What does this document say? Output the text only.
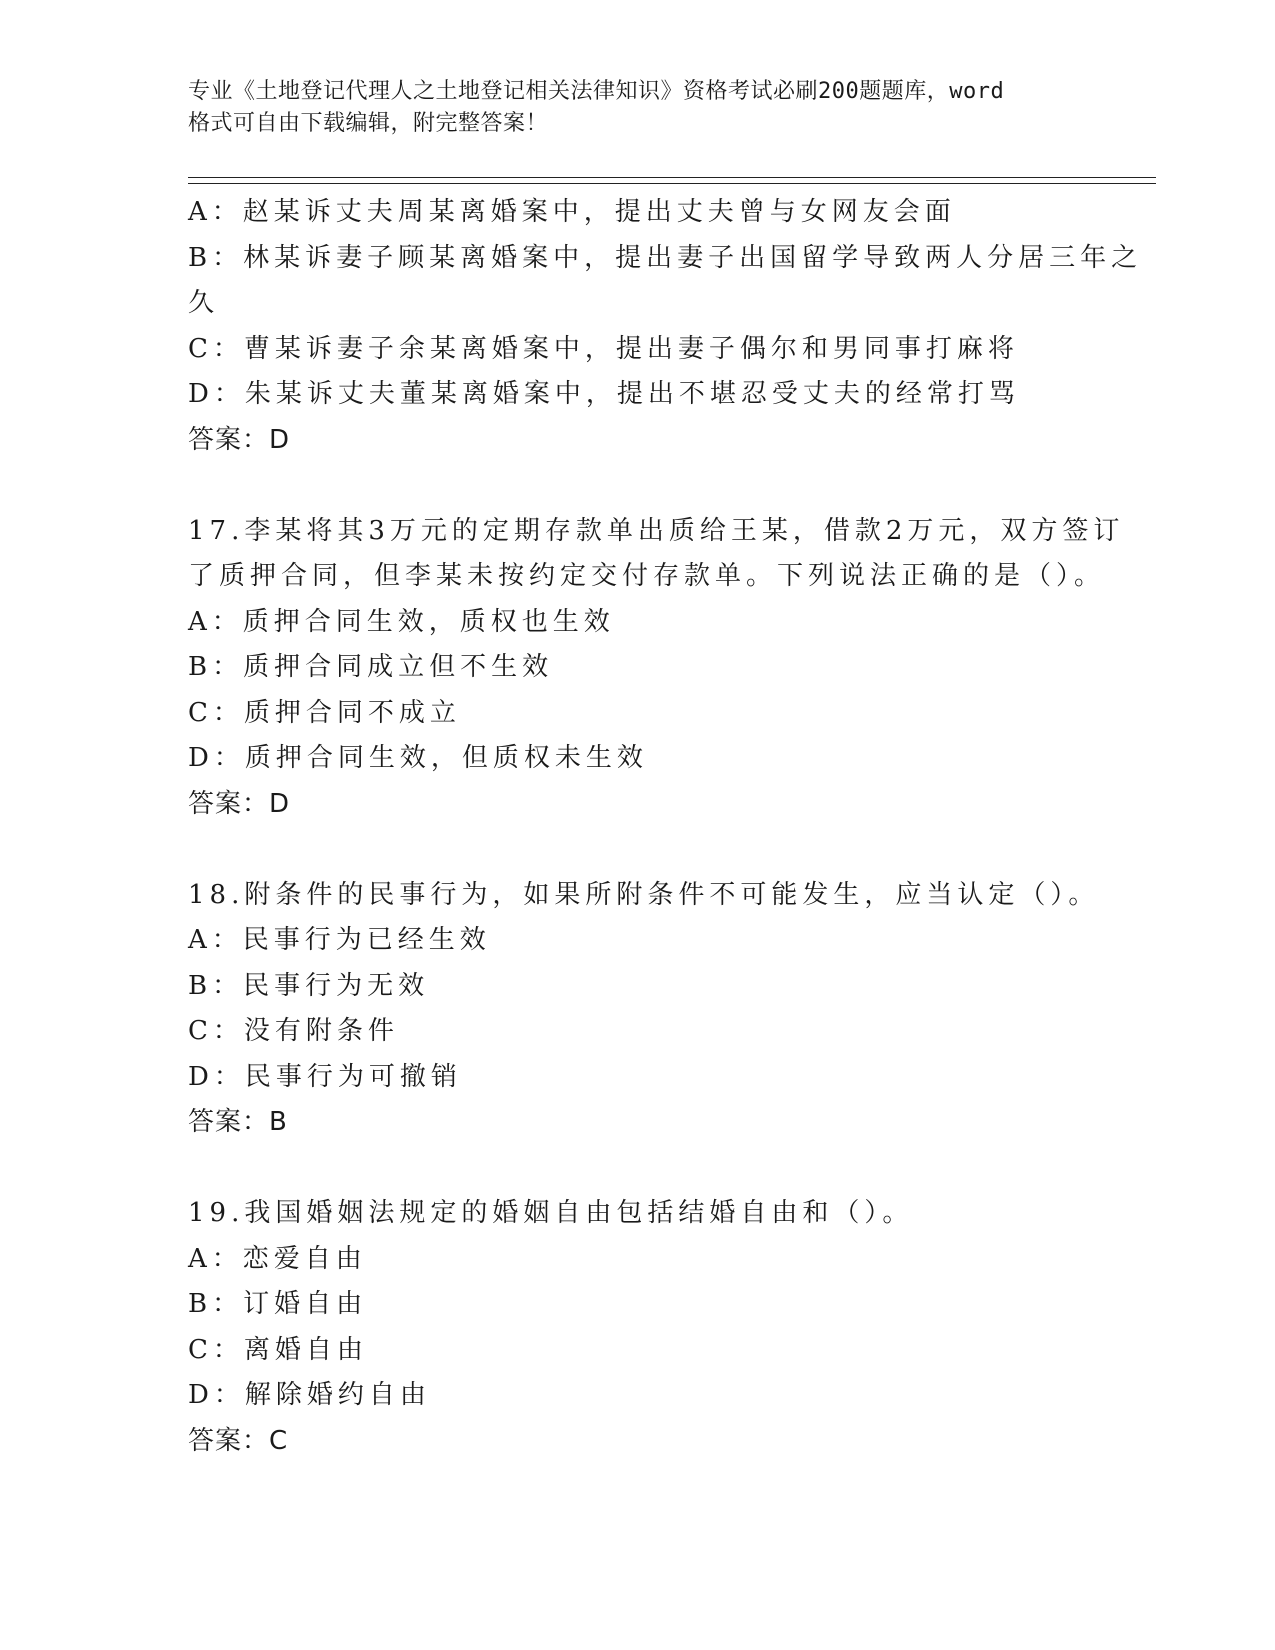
专业《土地登记代理人之土地登记相关法律知识》资格考试必刷200题题库，word
格式可自由下载编辑，附完整答案！
A：赵某诉丈夫周某离婚案中，提出丈夫曾与女网友会面
B：林某诉妻子顾某离婚案中，提出妻子出国留学导致两人分居三年之
久
C：曹某诉妻子余某离婚案中，提出妻子偶尔和男同事打麻将
D：朱某诉丈夫董某离婚案中，提出不堪忍受丈夫的经常打骂
答案：D
17.李某将其3万元的定期存款单出质给王某，借款2万元，双方签订
了质押合同，但李某未按约定交付存款单。下列说法正确的是（）。
A：质押合同生效，质权也生效
B：质押合同成立但不生效
C：质押合同不成立
D：质押合同生效，但质权未生效
答案：D
18.附条件的民事行为，如果所附条件不可能发生，应当认定（）。
A：民事行为已经生效
B：民事行为无效
C：没有附条件
D：民事行为可撤销
答案：B
19.我国婚姻法规定的婚姻自由包括结婚自由和（）。
A：恋爱自由
B：订婚自由
C：离婚自由
D：解除婚约自由
答案：C
